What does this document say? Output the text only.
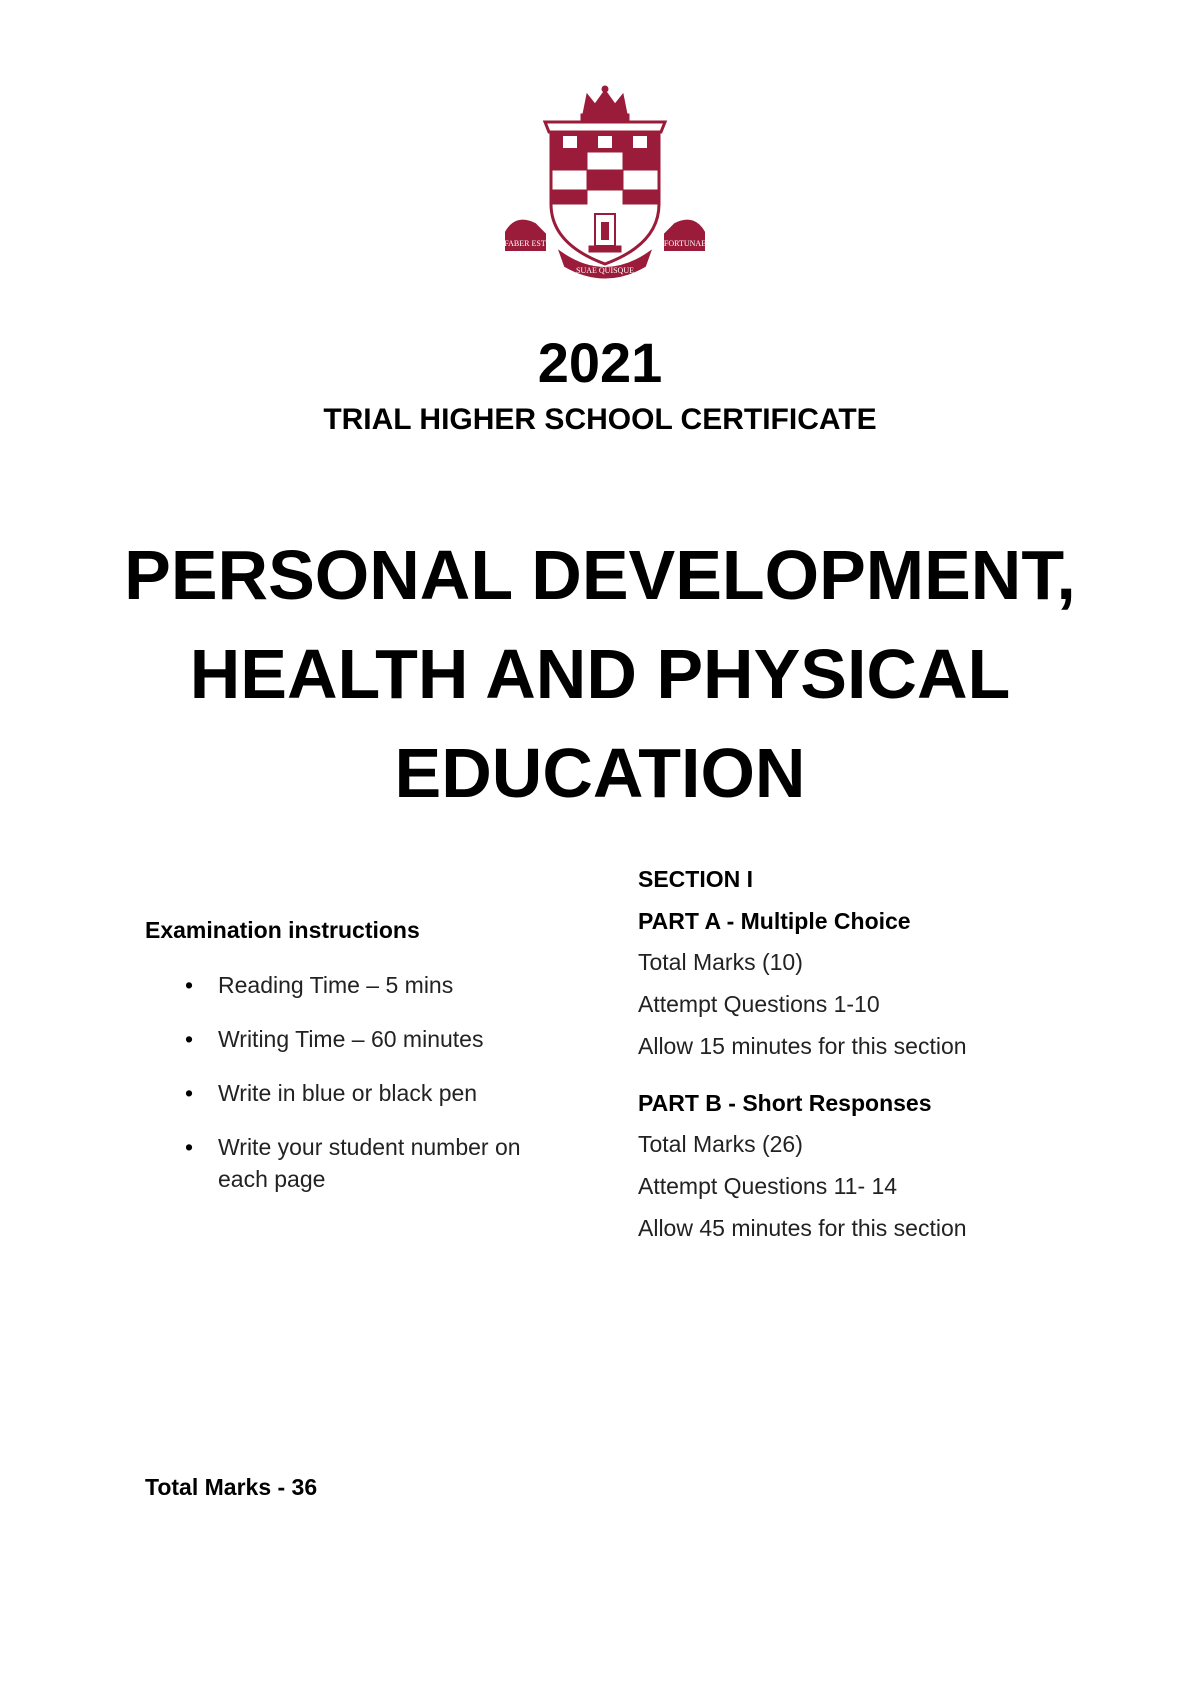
FABER EST	FORTUNAE
SUAE QUISQUE
2021
TRIAL HIGHER SCHOOL CERTIFICATE
PERSONAL DEVELOPMENT,
HEALTH AND PHYSICAL
EDUCATION

Examination instructions

• Reading Time – 5 mins
• Writing Time – 60 minutes
• Write in blue or black pen
• Write your student number on each page

SECTION I

PART A - Multiple Choice

Total Marks (10)

Attempt Questions 1-10

Allow 15 minutes for this section

PART B - Short Responses

Total Marks (26)

Attempt Questions 11- 14

Allow 45 minutes for this section

Total Marks - 36
